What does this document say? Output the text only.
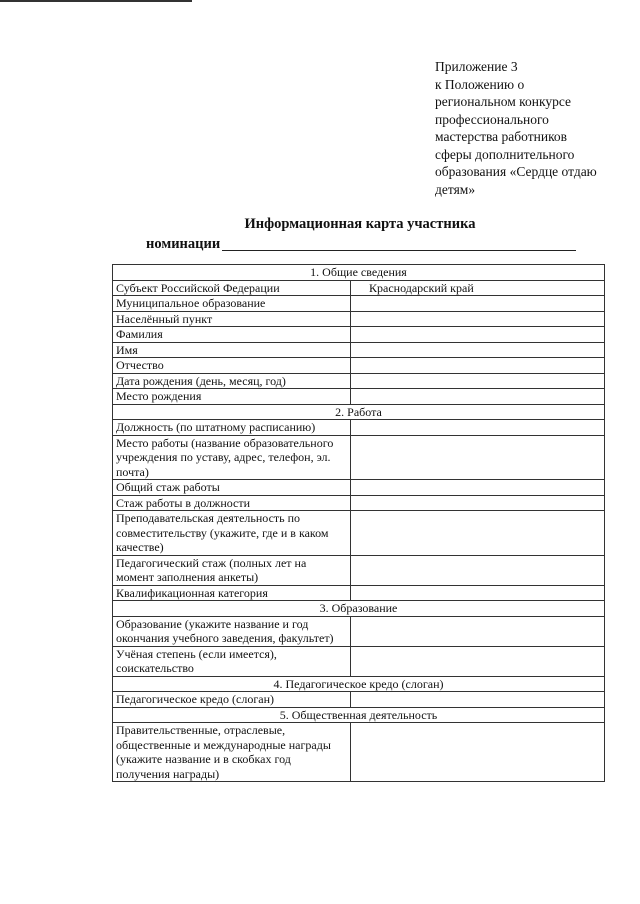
Приложение 3
к Положению о
региональном конкурсе
профессионального
мастерства работников
сферы дополнительного
образования «Сердце отдаю
детям»
Информационная карта участника
номинации
1. Общие сведения	
Субъект Российской Федерации	Краснодарский край
Муниципальное образование	
Населённый пункт	
Фамилия	
Имя	
Отчество	
Дата рождения (день, месяц, год)	
Место рождения	
2. Работа	
Должность (по штатному расписанию)	
Место работы (название образовательного учреждения по уставу, адрес, телефон, эл. почта)	
Общий стаж работы	
Стаж работы в должности	
Преподавательская деятельность по совместительству (укажите, где и в каком качестве)	
Педагогический стаж (полных лет на момент заполнения анкеты)	
Квалификационная категория	
3. Образование	
Образование (укажите название и год окончания учебного заведения, факультет)	
Учёная степень (если имеется), соискательство	
4. Педагогическое кредо (слоган)	
Педагогическое кредо (слоган)	
5. Общественная деятельность	
Правительственные, отраслевые, общественные и международные награды (укажите название и в скобках год получения награды)	
